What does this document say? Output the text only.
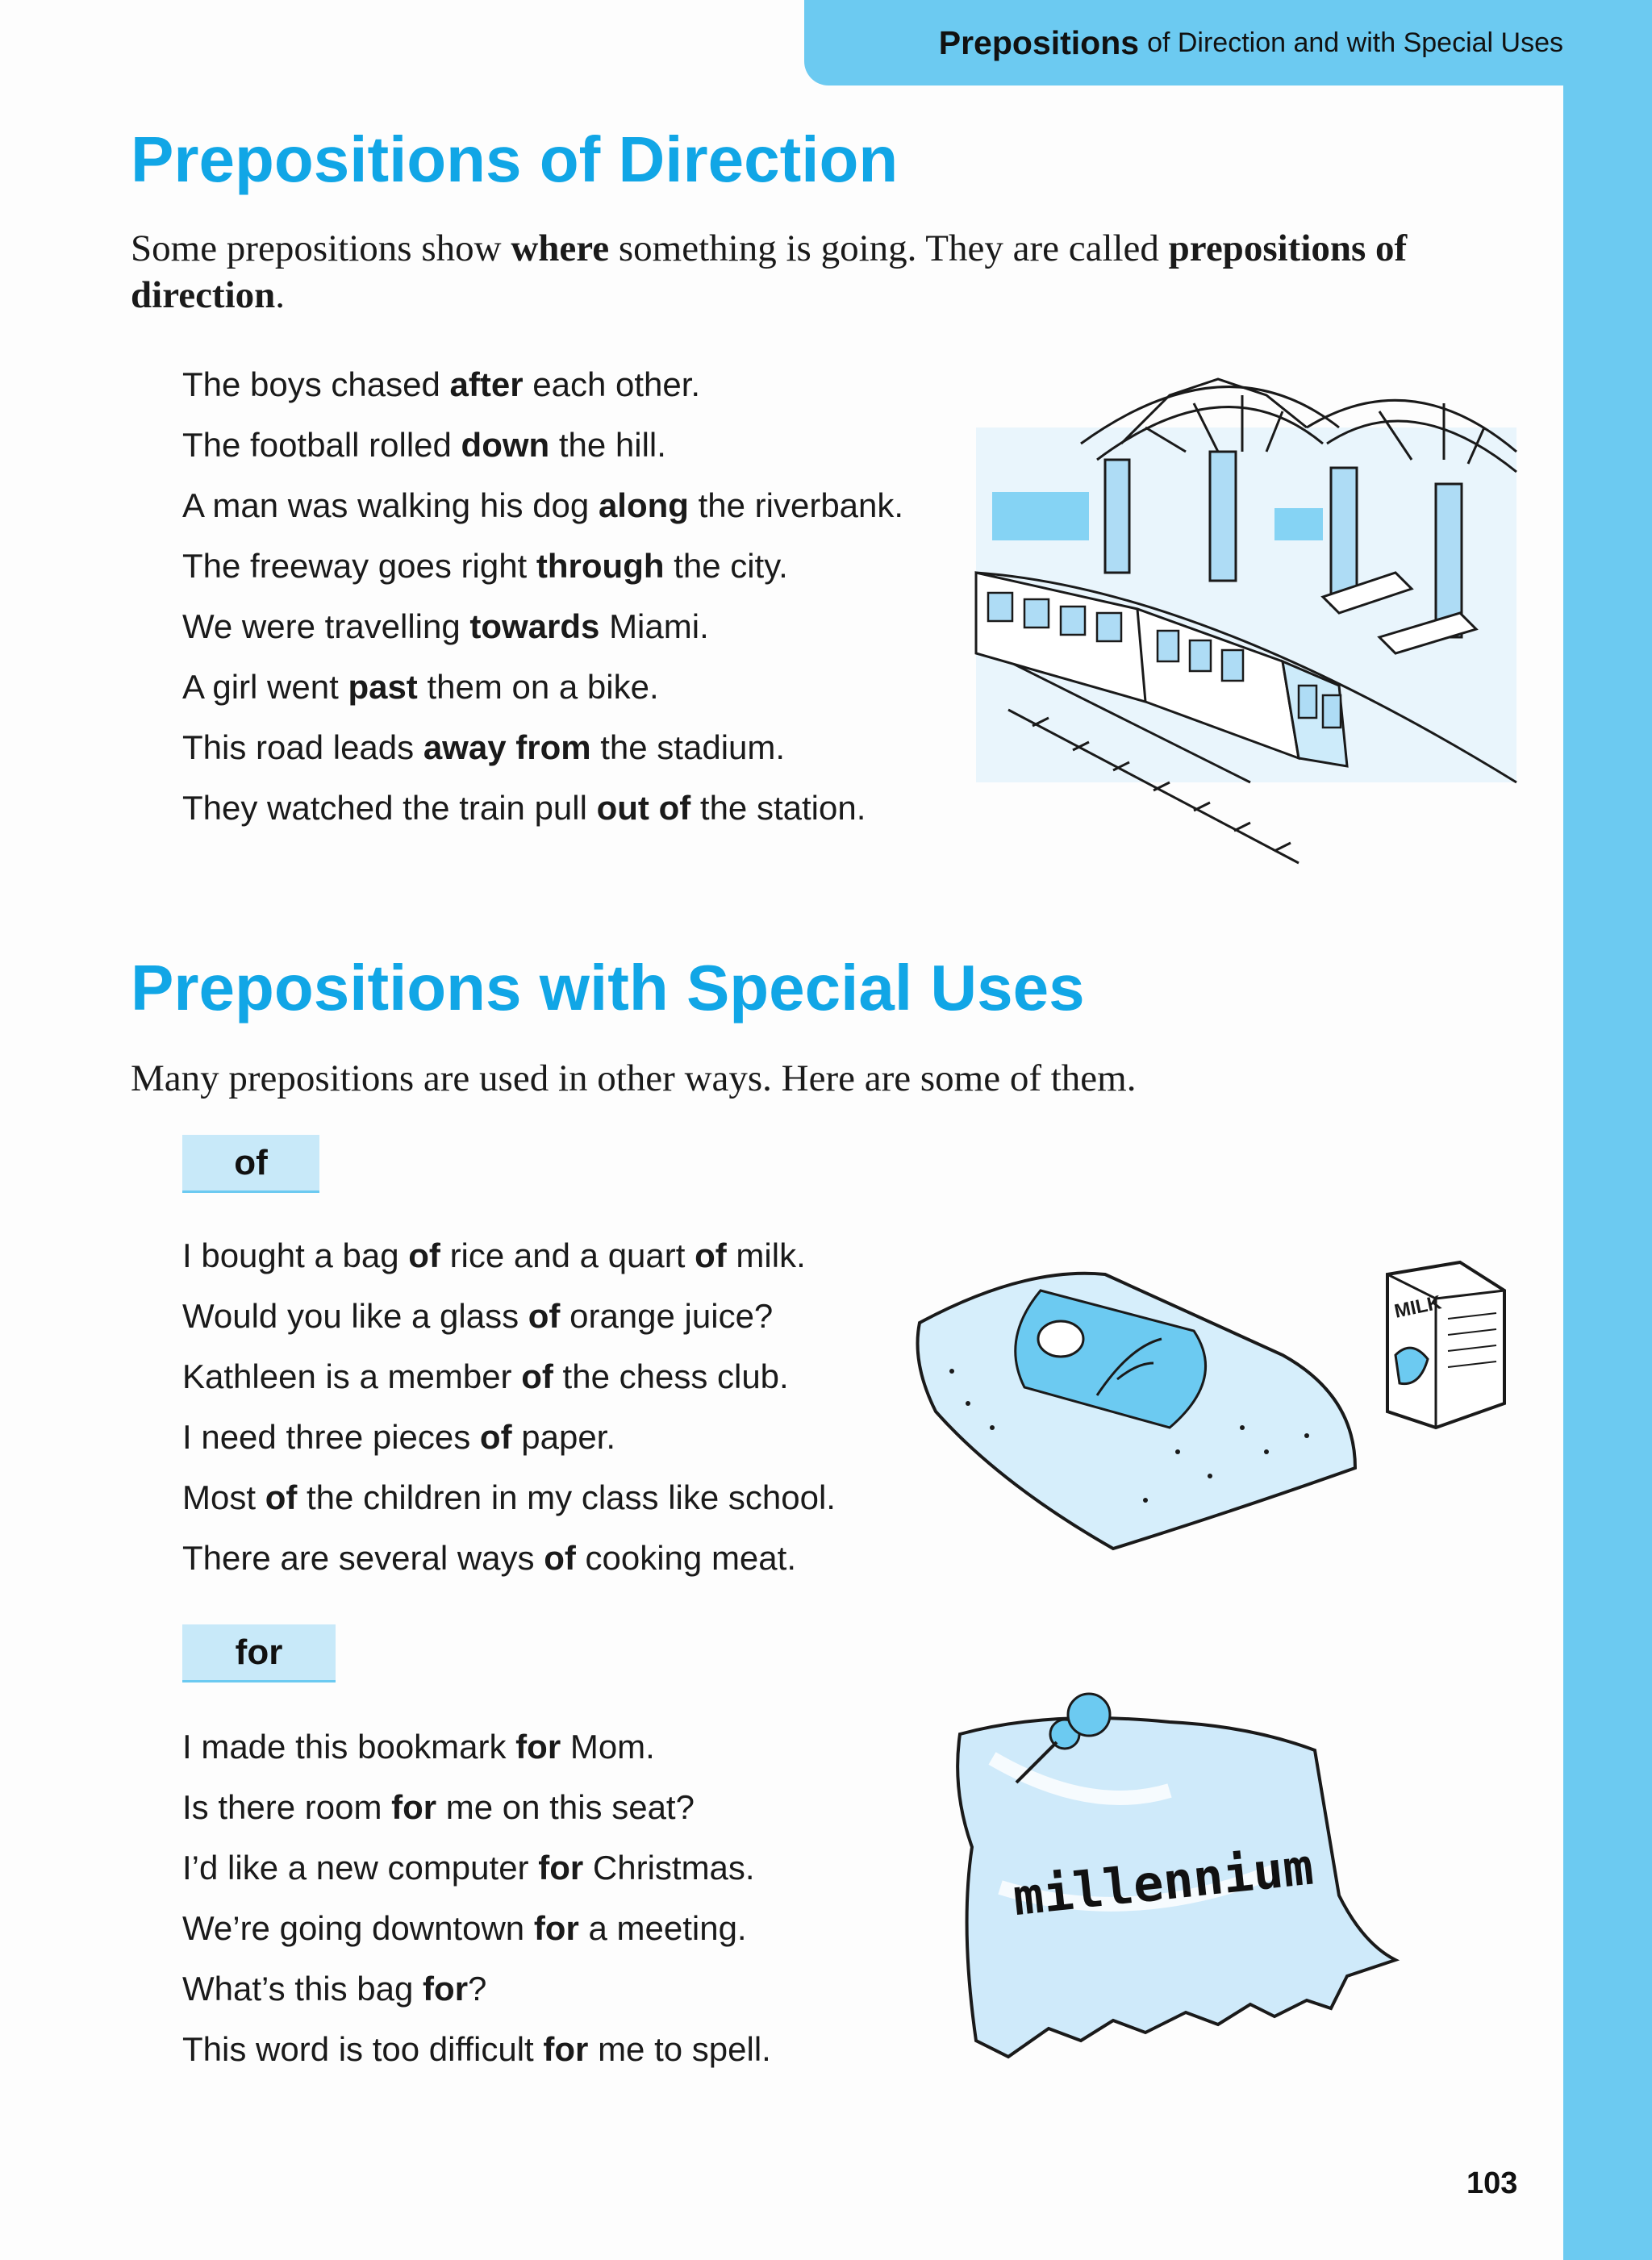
Prepositions of Direction and with Special Uses
Prepositions of Direction
Some prepositions show where something is going. They are called prepositions of direction.
The boys chased after each other.
The football rolled down the hill.
A man was walking his dog along the riverbank.
The freeway goes right through the city.
We were travelling towards Miami.
A girl went past them on a bike.
This road leads away from the stadium.
They watched the train pull out of the station.
Prepositions with Special Uses
Many prepositions are used in other ways. Here are some of them.
of
I bought a bag of rice and a quart of milk.
Would you like a glass of orange juice?
Kathleen is a member of the chess club.
I need three pieces of paper.
Most of the children in my class like school.
There are several ways of cooking meat.
MILK
for
I made this bookmark for Mom.
Is there room for me on this seat?
I’d like a new computer for Christmas.
We’re going downtown for a meeting.
What’s this bag for?
This word is too difficult for me to spell.
millennium
103
